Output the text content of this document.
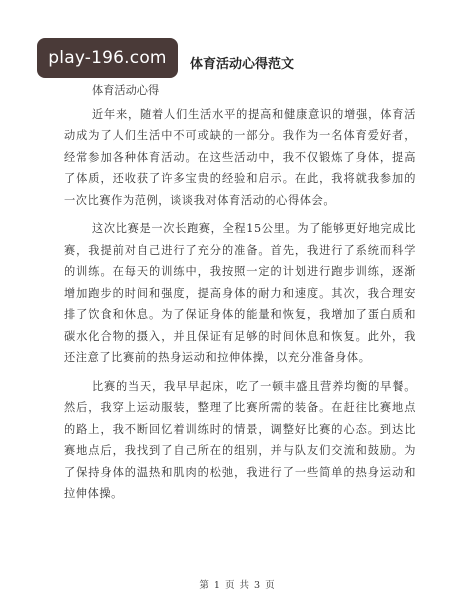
play-196.com	体育活动心得范文

体育活动心得

近年来，随着人们生活水平的提高和健康意识的增强，体育活动成为了人们生活中不可或缺的一部分。我作为一名体育爱好者，经常参加各种体育活动。在这些活动中，我不仅锻炼了身体，提高了体质，还收获了许多宝贵的经验和启示。在此，我将就我参加的一次比赛作为范例，谈谈我对体育活动的心得体会。

这次比赛是一次长跑赛，全程15公里。为了能够更好地完成比赛，我提前对自己进行了充分的准备。首先，我进行了系统而科学的训练。在每天的训练中，我按照一定的计划进行跑步训练，逐渐增加跑步的时间和强度，提高身体的耐力和速度。其次，我合理安排了饮食和休息。为了保证身体的能量和恢复，我增加了蛋白质和碳水化合物的摄入，并且保证有足够的时间休息和恢复。此外，我还注意了比赛前的热身运动和拉伸体操，以充分准备身体。

比赛的当天，我早早起床，吃了一顿丰盛且营养均衡的早餐。然后，我穿上运动服装，整理了比赛所需的装备。在赶往比赛地点的路上，我不断回忆着训练时的情景，调整好比赛的心态。到达比赛地点后，我找到了自己所在的组别，并与队友们交流和鼓励。为了保持身体的温热和肌肉的松弛，我进行了一些简单的热身运动和拉伸体操。

第 1 页 共 3 页
